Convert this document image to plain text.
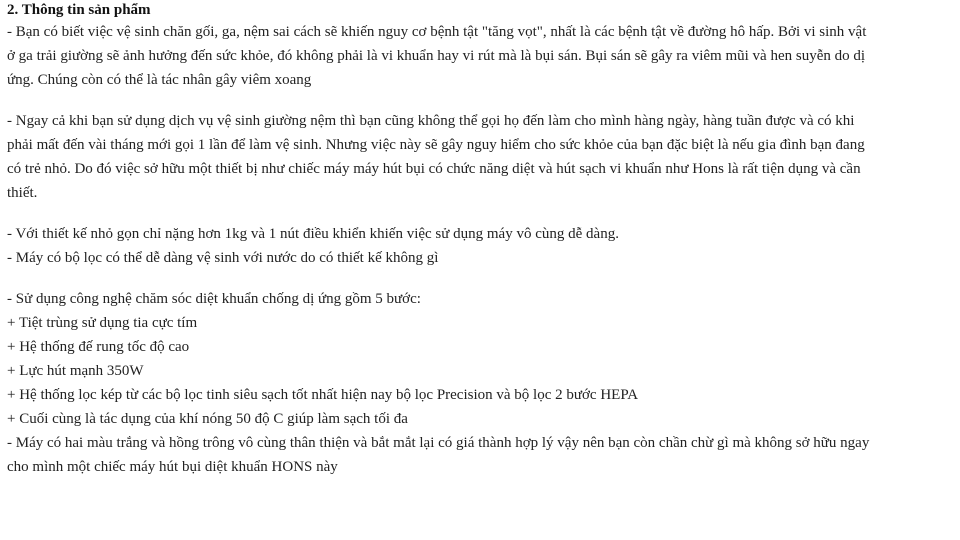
2. Thông tin sản phẩm

- Bạn có biết việc vệ sinh chăn gối, ga, nệm sai cách sẽ khiến nguy cơ bệnh tật "tăng vọt", nhất là các bệnh tật về đường hô hấp. Bởi vi sinh vật ở ga trải giường sẽ ảnh hưởng đến sức khỏe, đó không phải là vi khuẩn hay vi rút mà là bụi sán. Bụi sán sẽ gây ra viêm mũi và hen suyễn do dị ứng. Chúng còn có thể là tác nhân gây viêm xoang

- Ngay cả khi bạn sử dụng dịch vụ vệ sinh giường nệm thì bạn cũng không thể gọi họ đến làm cho mình hàng ngày, hàng tuần được và có khi phải mất đến vài tháng mới gọi 1 lần để làm vệ sinh. Nhưng việc này sẽ gây nguy hiểm cho sức khỏe của bạn đặc biệt là nếu gia đình bạn đang có trẻ nhỏ. Do đó việc sở hữu một thiết bị như chiếc máy máy hút bụi có chức năng diệt và hút sạch vi khuẩn như Hons là rất tiện dụng và cần thiết.

- Với thiết kế nhỏ gọn chỉ nặng hơn 1kg và 1 nút điều khiển khiến việc sử dụng máy vô cùng dễ dàng.

- Máy có bộ lọc có thể dễ dàng vệ sinh với nước do có thiết kế không gì

- Sử dụng công nghệ chăm sóc diệt khuẩn chống dị ứng gồm 5 bước:

+ Tiệt trùng sử dụng tia cực tím

+ Hệ thống đế rung tốc độ cao

+ Lực hút mạnh 350W

+ Hệ thống lọc kép từ các bộ lọc tinh siêu sạch tốt nhất hiện nay bộ lọc Precision và bộ lọc 2 bước HEPA

+ Cuối cùng là tác dụng của khí nóng 50 độ C giúp làm sạch tối đa

- Máy có hai màu trắng và hồng trông vô cùng thân thiện và bắt mắt lại có giá thành hợp lý vậy nên bạn còn chần chừ gì mà không sở hữu ngay cho mình một chiếc máy hút bụi diệt khuẩn HONS này
